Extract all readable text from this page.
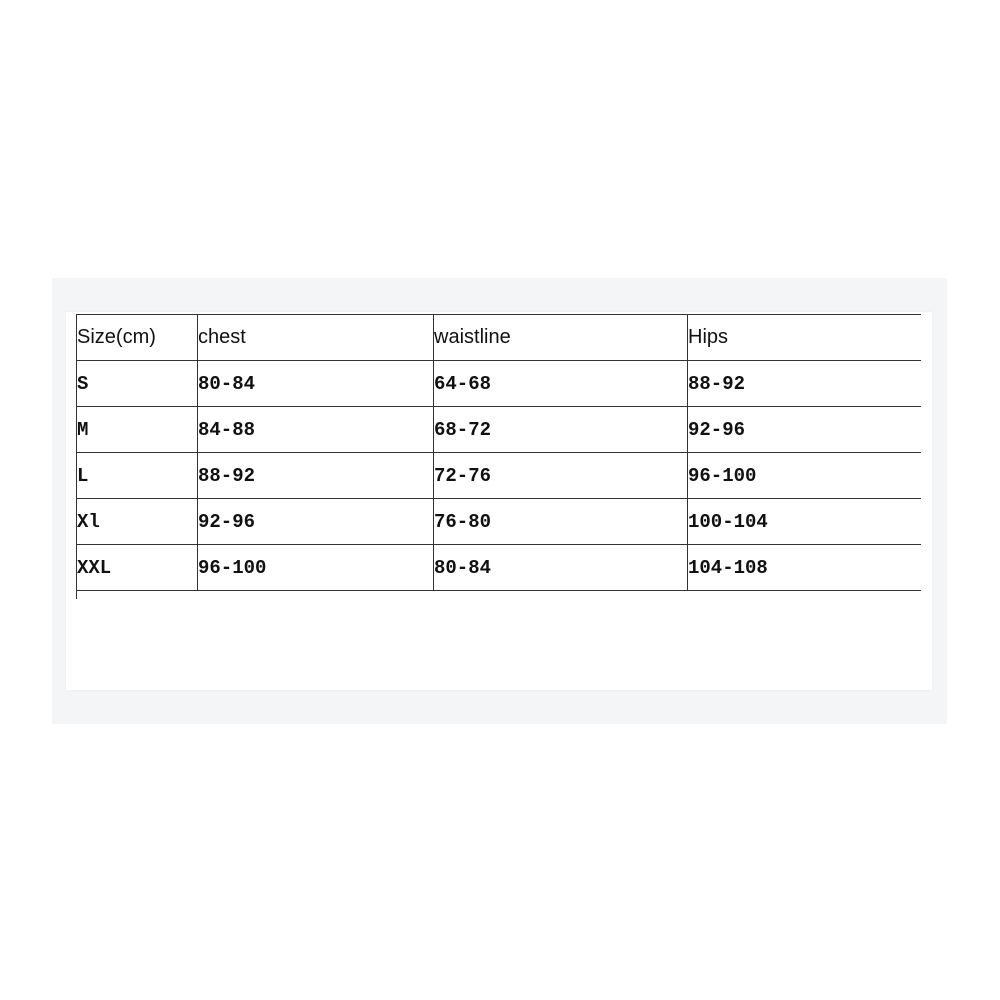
Size(cm)	chest	waistline	Hips
S	80-84	64-68	88-92
M	84-88	68-72	92-96
L	88-92	72-76	96-100
Xl	92-96	76-80	100-104
XXL	96-100	80-84	104-108
